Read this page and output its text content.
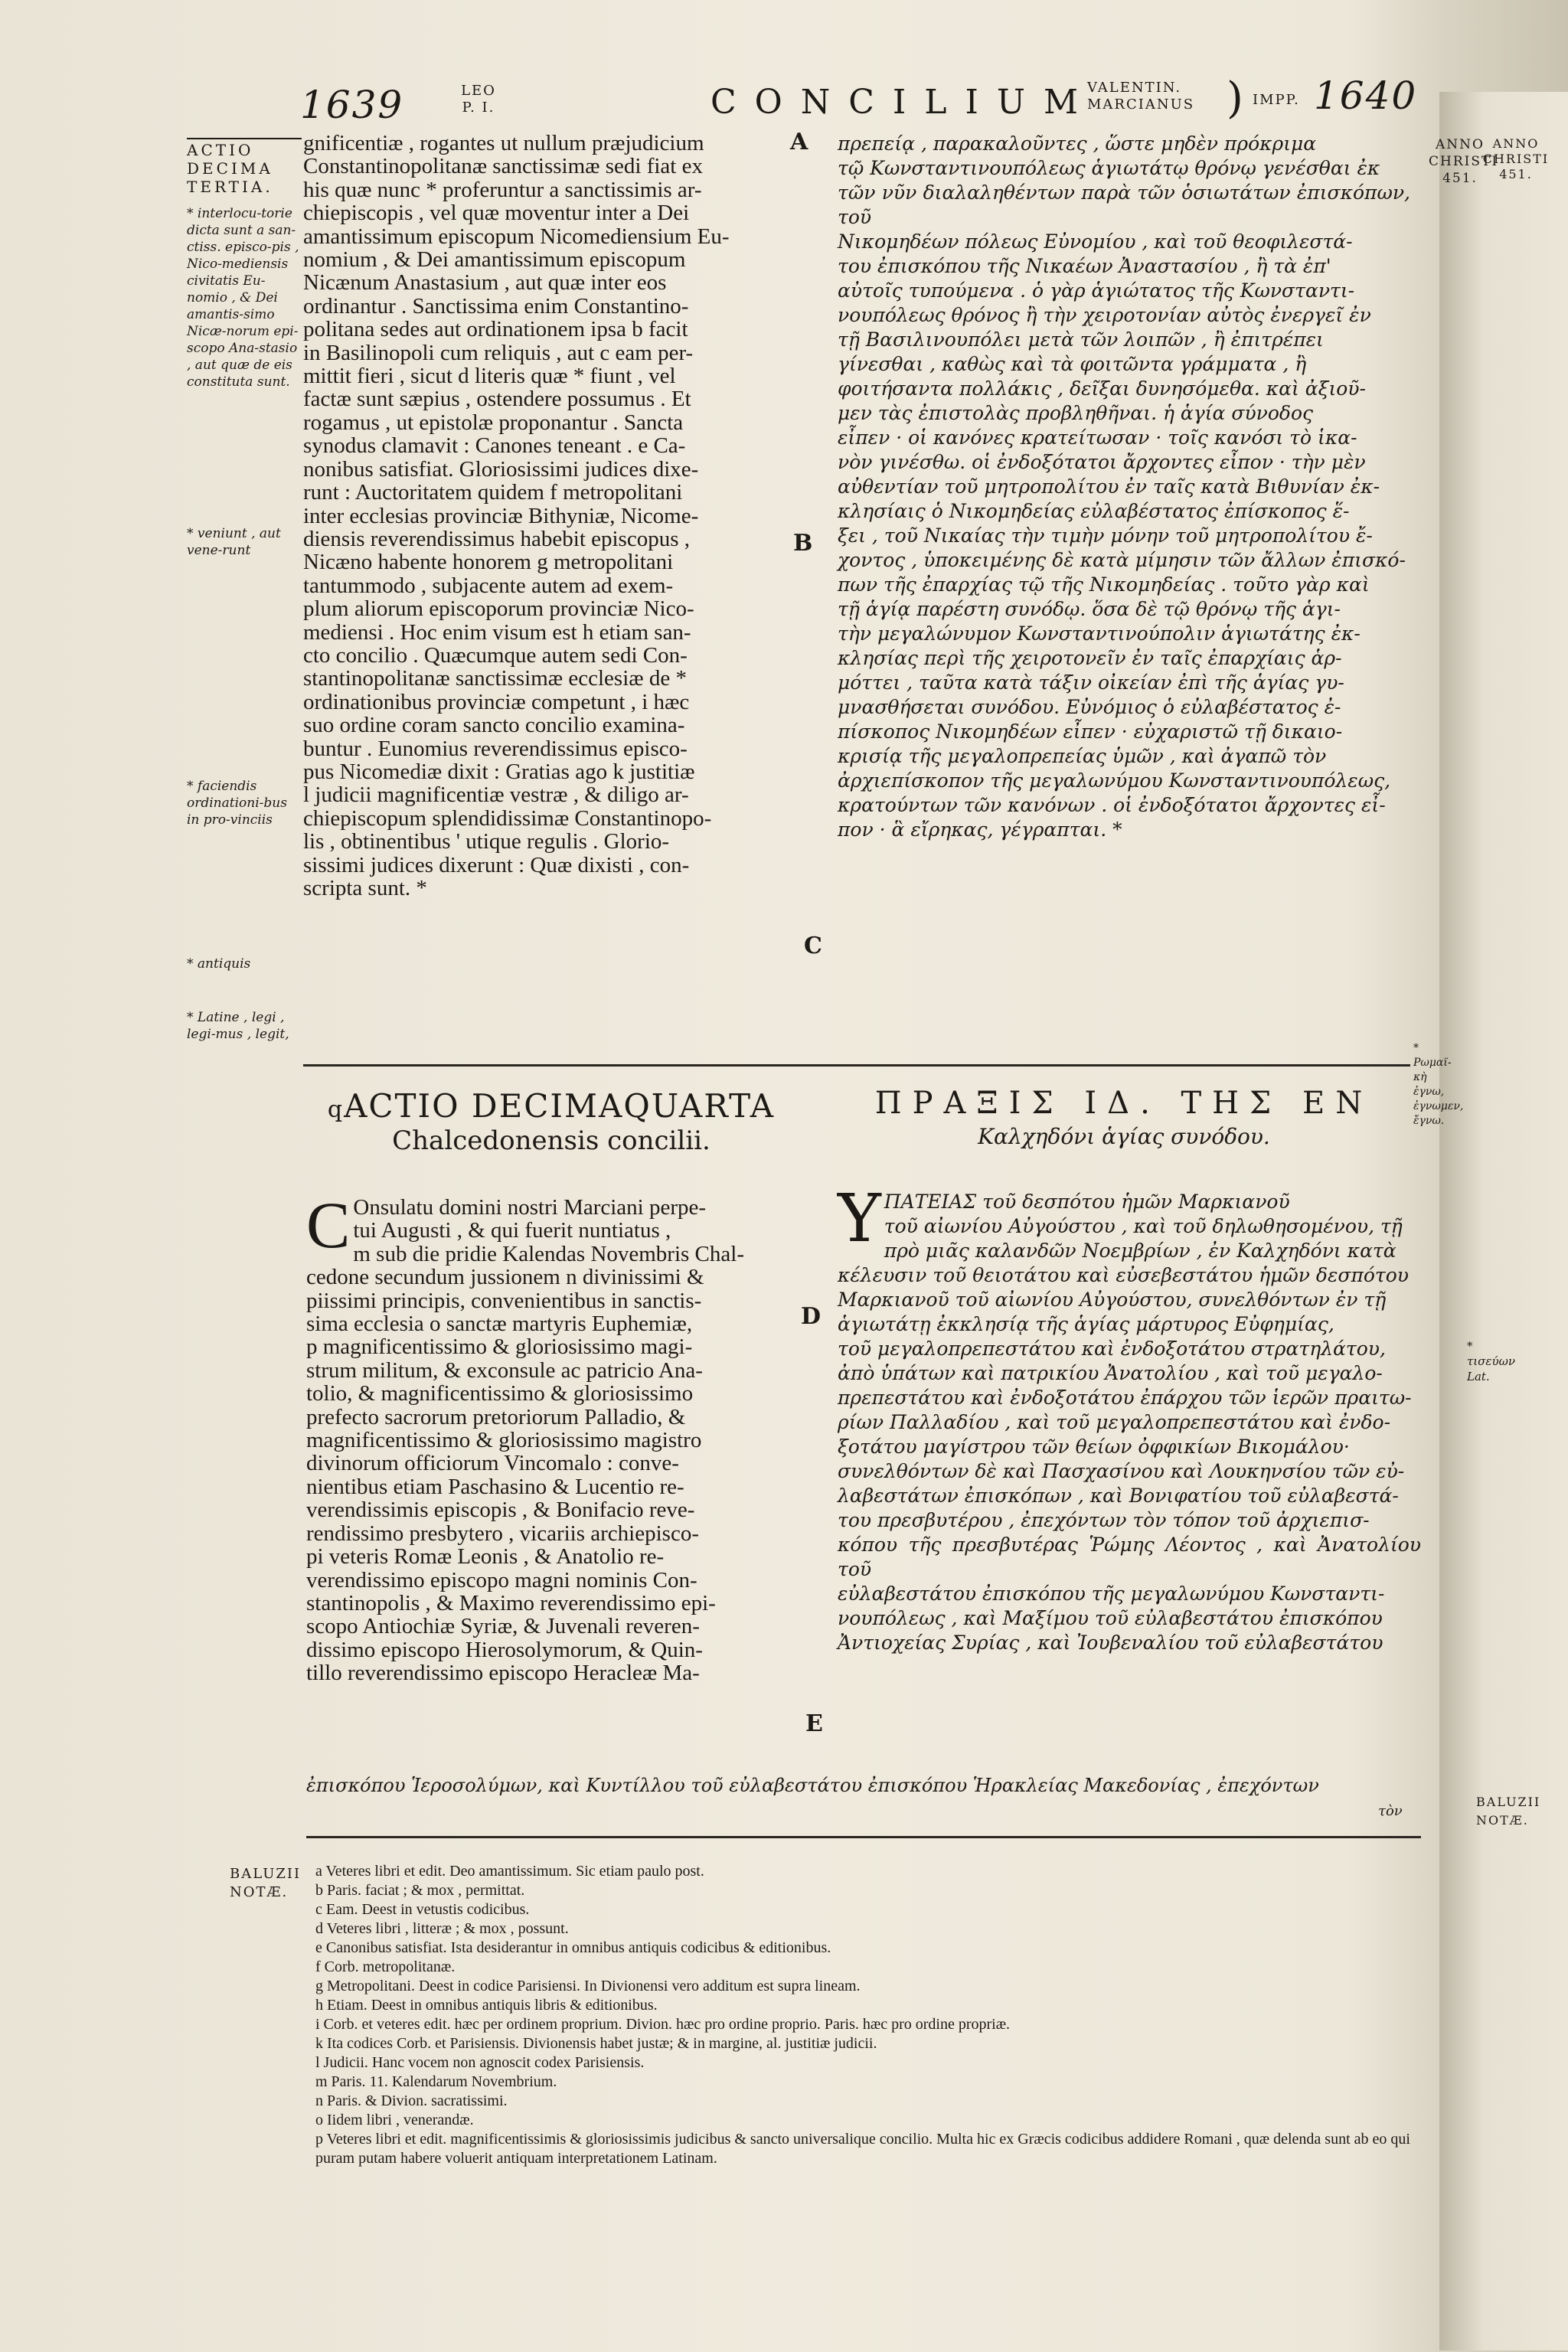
1639	LEO
P. I.	CONCILIUM
VALENTIN.
MARCIANUS ) IMPP. 1640
ANNO
CHRISTI
451.
ACTIO DECIMA TERTIA.
* interlocu-torie dicta sunt a san-ctiss. episco-pis , Nico-mediensis civitatis Eu-nomio , & Dei amantis-simo Nicæ-norum epi-scopo Ana-stasio , aut quæ de eis constituta sunt.
* veniunt , aut vene-runt
* faciendis ordinationi-bus in pro-vinciis
* antiquis
* Latine , legi , legi-mus , legit,
ANNO CHRISTI 451.
* Ρωμαϊ-κὴ ἐγνω, ἐγνωμεν, ἔγνω.
* τισεύων Lat.
BALUZII NOTÆ.
A
B
C
D
E
gnificentiæ , rogantes ut nullum præjudicium
Constantinopolitanæ sanctissimæ sedi fiat ex
his quæ nunc * proferuntur a sanctissimis ar-
chiepiscopis , vel quæ moventur inter a Dei
amantissimum episcopum Nicomediensium Eu-
nomium , & Dei amantissimum episcopum
Nicænum Anastasium , aut quæ inter eos
ordinantur . Sanctissima enim Constantino-
politana sedes aut ordinationem ipsa b facit
in Basilinopoli cum reliquis , aut c eam per-
mittit fieri , sicut d literis quæ * fiunt , vel
factæ sunt sæpius , ostendere possumus . Et
rogamus , ut epistolæ proponantur . Sancta
synodus clamavit : Canones teneant . e Ca-
nonibus satisfiat. Gloriosissimi judices dixe-
runt : Auctoritatem quidem f metropolitani
inter ecclesias provinciæ Bithyniæ, Nicome-
diensis reverendissimus habebit episcopus ,
Nicæno habente honorem g metropolitani
tantummodo , subjacente autem ad exem-
plum aliorum episcoporum provinciæ Nico-
mediensi . Hoc enim visum est h etiam san-
cto concilio . Quæcumque autem sedi Con-
stantinopolitanæ sanctissimæ ecclesiæ de *
ordinationibus provinciæ competunt , i hæc
suo ordine coram sancto concilio examina-
buntur . Eunomius reverendissimus episco-
pus Nicomediæ dixit : Gratias ago k justitiæ
l judicii magnificentiæ vestræ , & diligo ar-
chiepiscopum splendidissimæ Constantinopo-
lis , obtinentibus ' utique regulis . Glorio-
sissimi judices dixerunt : Quæ dixisti , con-
scripta sunt. *
πρεπείᾳ , παρακαλοῦντες , ὥστε μηδὲν πρόκριμα
τῷ Κωνσταντινουπόλεως ἁγιωτάτῳ θρόνῳ γενέσθαι ἐκ
τῶν νῦν διαλαληθέντων παρὰ τῶν ὁσιωτάτων ἐπισκόπων, τοῦ
Νικομηδέων πόλεως Εὐνομίου , καὶ τοῦ θεοφιλεστά-
του ἐπισκόπου τῆς Νικαέων Ἀναστασίου , ἢ τὰ ἐπ'
αὐτοῖς τυπούμενα . ὁ γὰρ ἁγιώτατος τῆς Κωνσταντι-
νουπόλεως θρόνος ἢ τὴν χειροτονίαν αὐτὸς ἐνεργεῖ ἐν
τῇ Βασιλινουπόλει μετὰ τῶν λοιπῶν , ἢ ἐπιτρέπει
γίνεσθαι , καθὼς καὶ τὰ φοιτῶντα γράμματα , ἢ
φοιτήσαντα πολλάκις , δεῖξαι δυνησόμεθα. καὶ ἀξιοῦ-
μεν τὰς ἐπιστολὰς προβληθῆναι. ἡ ἁγία σύνοδος
εἶπεν · οἱ κανόνες κρατείτωσαν · τοῖς κανόσι τὸ ἱκα-
νὸν γινέσθω. οἱ ἐνδοξότατοι ἄρχοντες εἶπον · τὴν μὲν
αὐθεντίαν τοῦ μητροπολίτου ἐν ταῖς κατὰ Βιθυνίαν ἐκ-
κλησίαις ὁ Νικομηδείας εὐλαβέστατος ἐπίσκοπος ἕ-
ξει , τοῦ Νικαίας τὴν τιμὴν μόνην τοῦ μητροπολίτου ἔ-
χοντος , ὑποκειμένης δὲ κατὰ μίμησιν τῶν ἄλλων ἐπισκό-
πων τῆς ἐπαρχίας τῷ τῆς Νικομηδείας . τοῦτο γὰρ καὶ
τῇ ἁγίᾳ παρέστη συνόδῳ. ὅσα δὲ τῷ θρόνῳ τῆς ἁγι-
τὴν μεγαλώνυμον Κωνσταντινούπολιν ἁγιωτάτης ἐκ-
κλησίας περὶ τῆς χειροτονεῖν ἐν ταῖς ἐπαρχίαις ἁρ-
μόττει , ταῦτα κατὰ τάξιν οἰκείαν ἐπὶ τῆς ἁγίας γυ-
μνασθήσεται συνόδου. Εὐνόμιος ὁ εὐλαβέστατος ἐ-
πίσκοπος Νικομηδέων εἶπεν · εὐχαριστῶ τῇ δικαιο-
κρισίᾳ τῆς μεγαλοπρεπείας ὑμῶν , καὶ ἀγαπῶ τὸν
ἀρχιεπίσκοπον τῆς μεγαλωνύμου Κωνσταντινουπόλεως,
κρατούντων τῶν κανόνων . οἱ ἐνδοξότατοι ἄρχοντες εἶ-
πον · ἃ εἴρηκας, γέγραπται. *
qACTIO DECIMAQUARTA
Chalcedonensis concilii.
ΠΡΑΞΙΣ ΙΔ. ΤΗΣ ΕΝ
Καλχηδόνι ἁγίας συνόδου.
C Onsulatu domini nostri Marciani perpe-
tui Augusti , & qui fuerit nuntiatus ,
m sub die pridie Kalendas Novembris Chal-
cedone secundum jussionem n divinissimi &
piissimi principis, convenientibus in sanctis-
sima ecclesia o sanctæ martyris Euphemiæ,
p magnificentissimo & gloriosissimo magi-
strum militum, & exconsule ac patricio Ana-
tolio, & magnificentissimo & gloriosissimo
prefecto sacrorum pretoriorum Palladio, &
magnificentissimo & gloriosissimo magistro
divinorum officiorum Vincomalo : conve-
nientibus etiam Paschasino & Lucentio re-
verendissimis episcopis , & Bonifacio reve-
rendissimo presbytero , vicariis archiepisco-
pi veteris Romæ Leonis , & Anatolio re-
verendissimo episcopo magni nominis Con-
stantinopolis , & Maximo reverendissimo epi-
scopo Antiochiæ Syriæ, & Juvenali reveren-
dissimo episcopo Hierosolymorum, & Quin-
tillo reverendissimo episcopo Heracleæ Ma-
Υ ΠΑΤΕΙΑΣ τοῦ δεσπότου ἡμῶν Μαρκιανοῦ
τοῦ αἰωνίου Αὐγούστου , καὶ τοῦ δηλωθησομένου, τῇ
πρὸ μιᾶς καλανδῶν Νοεμβρίων , ἐν Καλχηδόνι κατὰ
κέλευσιν τοῦ θειοτάτου καὶ εὐσεβεστάτου ἡμῶν δεσπότου
Μαρκιανοῦ τοῦ αἰωνίου Αὐγούστου, συνελθόντων ἐν τῇ
ἁγιωτάτῃ ἐκκλησίᾳ τῆς ἁγίας μάρτυρος Εὐφημίας,
τοῦ μεγαλοπρεπεστάτου καὶ ἐνδοξοτάτου στρατηλάτου,
ἀπὸ ὑπάτων καὶ πατρικίου Ἀνατολίου , καὶ τοῦ μεγαλο-
πρεπεστάτου καὶ ἐνδοξοτάτου ἐπάρχου τῶν ἱερῶν πραιτω-
ρίων Παλλαδίου , καὶ τοῦ μεγαλοπρεπεστάτου καὶ ἐνδο-
ξοτάτου μαγίστρου τῶν θείων ὀφφικίων Βικομάλου·
συνελθόντων δὲ καὶ Πασχασίνου καὶ Λουκηνσίου τῶν εὐ-
λαβεστάτων ἐπισκόπων , καὶ Βονιφατίου τοῦ εὐλαβεστά-
του πρεσβυτέρου , ἐπεχόντων τὸν τόπον τοῦ ἀρχιεπισ-
κόπου τῆς πρεσβυτέρας Ῥώμης Λέοντος , καὶ Ἀνατολίου τοῦ
εὐλαβεστάτου ἐπισκόπου τῆς μεγαλωνύμου Κωνσταντι-
νουπόλεως , καὶ Μαξίμου τοῦ εὐλαβεστάτου ἐπισκόπου
Ἀντιοχείας Συρίας , καὶ Ἰουβεναλίου τοῦ εὐλαβεστάτου
ἐπισκόπου Ἱεροσολύμων, καὶ Κυντίλλου τοῦ εὐλαβεστάτου ἐπισκόπου Ἡρακλείας Μακεδονίας , ἐπεχόντων
τὸν
BALUZII NOTÆ.
a Veteres libri et edit. Deo amantissimum. Sic etiam paulo post.
b Paris. faciat ; & mox , permittat.
c Eam. Deest in vetustis codicibus.
d Veteres libri , litteræ ; & mox , possunt.
e Canonibus satisfiat. Ista desiderantur in omnibus antiquis codicibus & editionibus.
f Corb. metropolitanæ.
g Metropolitani. Deest in codice Parisiensi. In Divionensi vero additum est supra lineam.
h Etiam. Deest in omnibus antiquis libris & editionibus.
i Corb. et veteres edit. hæc per ordinem proprium. Divion. hæc pro ordine proprio. Paris. hæc pro ordine propriæ.
k Ita codices Corb. et Parisiensis. Divionensis habet justæ; & in margine, al. justitiæ judicii.
l Judicii. Hanc vocem non agnoscit codex Parisiensis.
m Paris. 11. Kalendarum Novembrium.
n Paris. & Divion. sacratissimi.
o Iidem libri , venerandæ.
p Veteres libri et edit. magnificentissimis & gloriosissimis judicibus & sancto universalique concilio. Multa hic ex Græcis codicibus addidere Romani , quæ delenda sunt ab eo qui puram putam habere voluerit antiquam interpretationem Latinam.
